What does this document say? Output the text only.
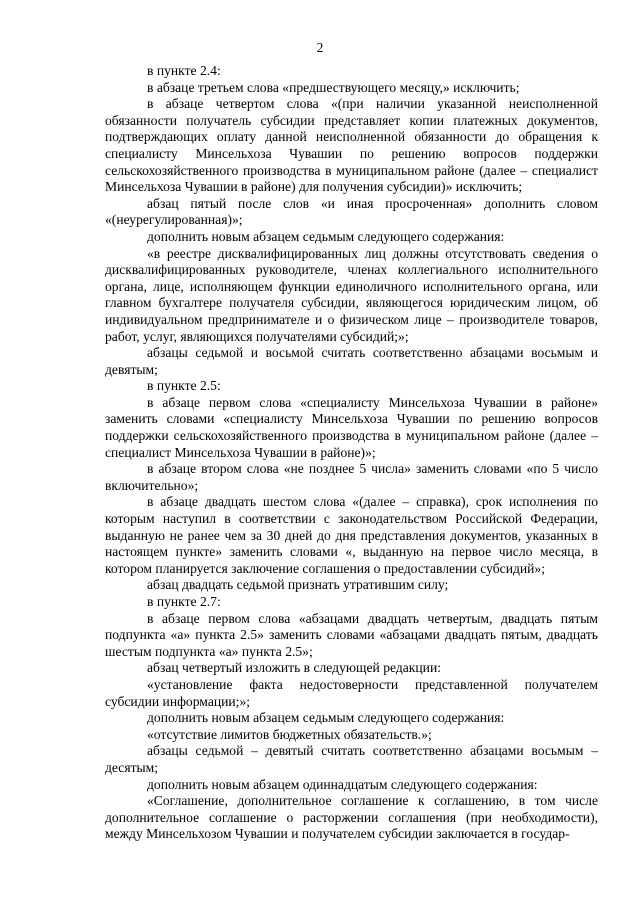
2

в пункте 2.4:

в абзаце третьем слова «предшествующего месяцу,» исключить;

в абзаце четвертом слова «(при наличии указанной неисполненной обязанности получатель субсидии представляет копии платежных документов, подтверждающих оплату данной неисполненной обязанности до обращения к специалисту Минсельхоза Чувашии по решению вопросов поддержки сельскохозяйственного производства в муниципальном районе (далее – специалист Минсельхоза Чувашии в районе) для получения субсидии)» исключить;

абзац пятый после слов «и иная просроченная» дополнить словом «(неурегулированная)»;

дополнить новым абзацем седьмым следующего содержания:

«в реестре дисквалифицированных лиц должны отсутствовать сведения о дисквалифицированных руководителе, членах коллегиального исполнительного органа, лице, исполняющем функции единоличного исполнительного органа, или главном бухгалтере получателя субсидии, являющегося юридическим лицом, об индивидуальном предпринимателе и о физическом лице – производителе товаров, работ, услуг, являющихся получателями субсидий;»;

абзацы седьмой и восьмой считать соответственно абзацами восьмым и девятым;

в пункте 2.5:

в абзаце первом слова «специалисту Минсельхоза Чувашии в районе» заменить словами «специалисту Минсельхоза Чувашии по решению вопросов поддержки сельскохозяйственного производства в муниципальном районе (далее – специалист Минсельхоза Чувашии в районе)»;

в абзаце втором слова «не позднее 5 числа» заменить словами «по 5 число включительно»;

в абзаце двадцать шестом слова «(далее – справка), срок исполнения по которым наступил в соответствии с законодательством Российской Федерации, выданную не ранее чем за 30 дней до дня представления документов, указанных в настоящем пункте» заменить словами «, выданную на первое число месяца, в котором планируется заключение соглашения о предоставлении субсидий»;

абзац двадцать седьмой признать утратившим силу;

в пункте 2.7:

в абзаце первом слова «абзацами двадцать четвертым, двадцать пятым подпункта «а» пункта 2.5» заменить словами «абзацами двадцать пятым, двадцать шестым подпункта «а» пункта 2.5»;

абзац четвертый изложить в следующей редакции:

«установление факта недостоверности представленной получателем субсидии информации;»;

дополнить новым абзацем седьмым следующего содержания:

«отсутствие лимитов бюджетных обязательств.»;

абзацы седьмой – девятый считать соответственно абзацами восьмым – десятым;

дополнить новым абзацем одиннадцатым следующего содержания:

«Соглашение, дополнительное соглашение к соглашению, в том числе дополнительное соглашение о расторжении соглашения (при необходимости), между Минсельхозом Чувашии и получателем субсидии заключается в государ-
